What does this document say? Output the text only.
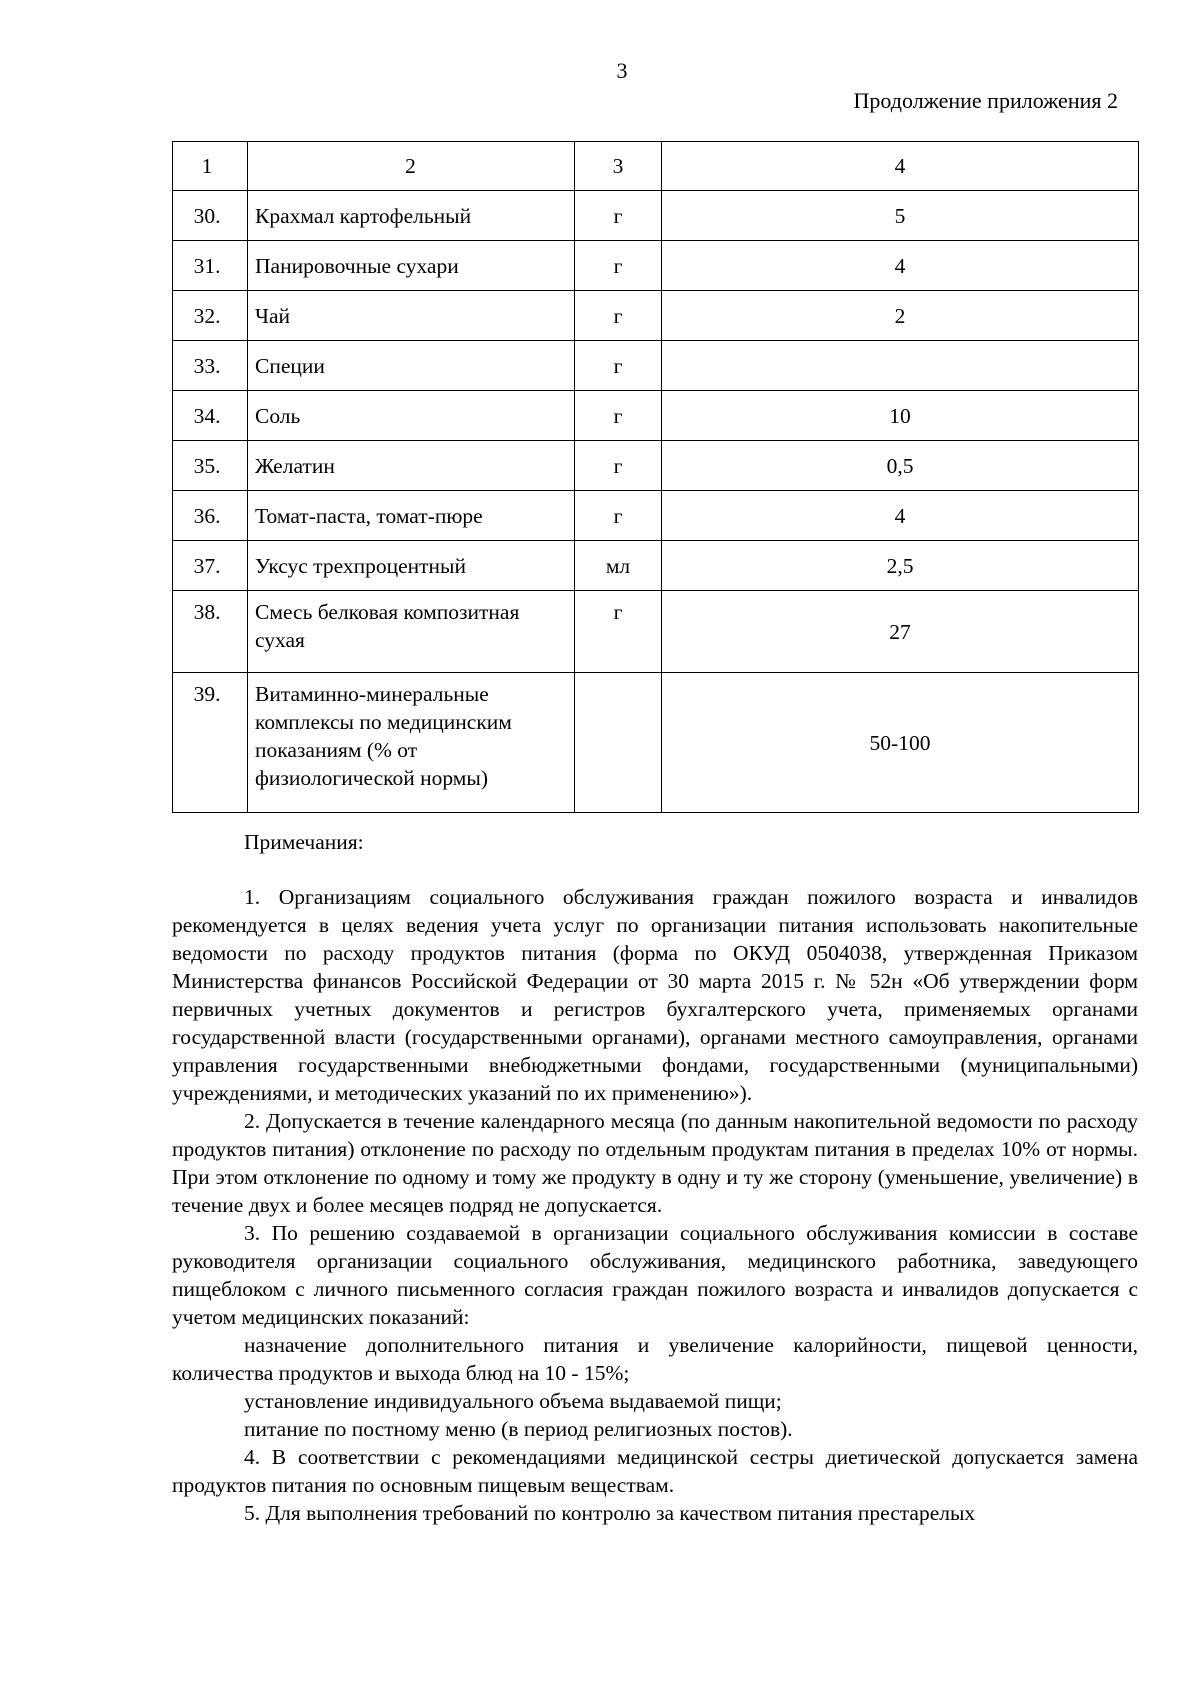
3
Продолжение приложения 2
1	2	3	4
30.	Крахмал картофельный	г	5
31.	Панировочные сухари	г	4
32.	Чай	г	2
33.	Специи	г	
34.	Соль	г	10
35.	Желатин	г	0,5
36.	Томат-паста, томат-пюре	г	4
37.	Уксус трехпроцентный	мл	2,5
38.	Смесь белковая композитная сухая	г	27
39.	Витаминно-минеральные комплексы по медицинским показаниям (% от физиологической нормы)		50-100
Примечания:

1. Организациям социального обслуживания граждан пожилого возраста и инвалидов рекомендуется в целях ведения учета услуг по организации питания использовать накопительные ведомости по расходу продуктов питания (форма по ОКУД 0504038, утвержденная Приказом Министерства финансов Российской Федерации от 30 марта 2015 г. № 52н «Об утверждении форм первичных учетных документов и регистров бухгалтерского учета, применяемых органами государственной власти (государственными органами), органами местного самоуправления, органами управления государственными внебюджетными фондами, государственными (муниципальными) учреждениями, и методических указаний по их применению»).

2. Допускается в течение календарного месяца (по данным накопительной ведомости по расходу продуктов питания) отклонение по расходу по отдельным продуктам питания в пределах 10% от нормы. При этом отклонение по одному и тому же продукту в одну и ту же сторону (уменьшение, увеличение) в течение двух и более месяцев подряд не допускается.

3. По решению создаваемой в организации социального обслуживания комиссии в составе руководителя организации социального обслуживания, медицинского работника, заведующего пищеблоком с личного письменного согласия граждан пожилого возраста и инвалидов допускается с учетом медицинских показаний:

назначение дополнительного питания и увеличение калорийности, пищевой ценности, количества продуктов и выхода блюд на 10 - 15%;

установление индивидуального объема выдаваемой пищи;

питание по постному меню (в период религиозных постов).

4. В соответствии с рекомендациями медицинской сестры диетической допускается замена продуктов питания по основным пищевым веществам.

5. Для выполнения требований по контролю за качеством питания престарелых
